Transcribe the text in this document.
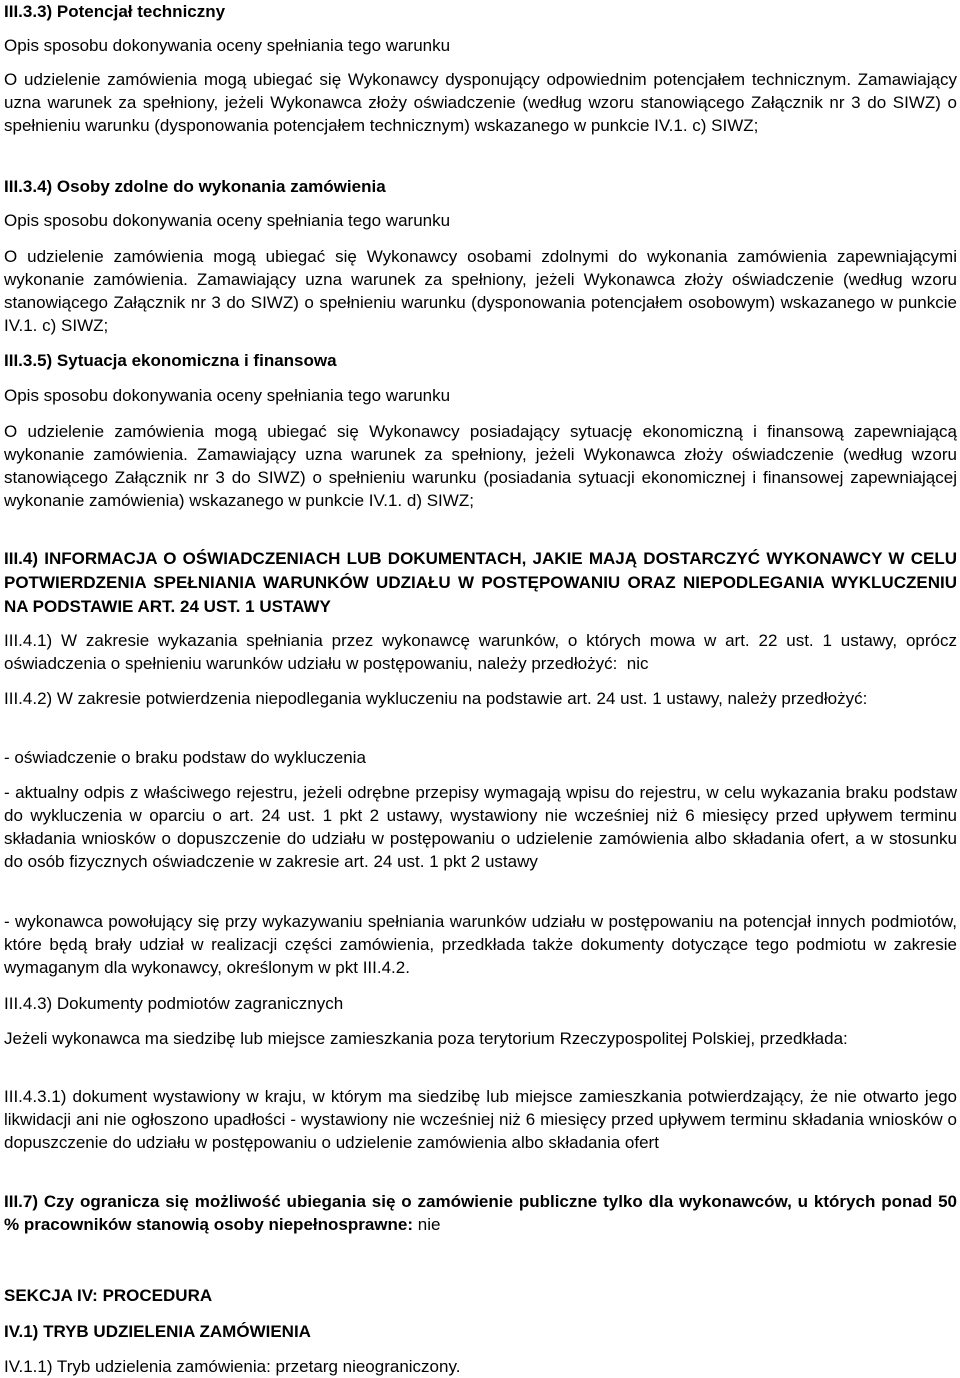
III.3.3) Potencjał techniczny

Opis sposobu dokonywania oceny spełniania tego warunku

O udzielenie zamówienia mogą ubiegać się Wykonawcy dysponujący odpowiednim potencjałem technicznym. Zamawiający uzna warunek za spełniony, jeżeli Wykonawca złoży oświadczenie (według wzoru stanowiącego Załącznik nr 3 do SIWZ) o spełnieniu warunku (dysponowania potencjałem technicznym) wskazanego w punkcie IV.1. c) SIWZ;

III.3.4) Osoby zdolne do wykonania zamówienia

Opis sposobu dokonywania oceny spełniania tego warunku

O udzielenie zamówienia mogą ubiegać się Wykonawcy osobami zdolnymi do wykonania zamówienia zapewniającymi wykonanie zamówienia. Zamawiający uzna warunek za spełniony, jeżeli Wykonawca złoży oświadczenie (według wzoru stanowiącego Załącznik nr 3 do SIWZ) o spełnieniu warunku (dysponowania potencjałem osobowym) wskazanego w punkcie IV.1. c) SIWZ;

III.3.5) Sytuacja ekonomiczna i finansowa

Opis sposobu dokonywania oceny spełniania tego warunku

O udzielenie zamówienia mogą ubiegać się Wykonawcy posiadający sytuację ekonomiczną i finansową zapewniającą wykonanie zamówienia. Zamawiający uzna warunek za spełniony, jeżeli Wykonawca złoży oświadczenie (według wzoru stanowiącego Załącznik nr 3 do SIWZ) o spełnieniu warunku (posiadania sytuacji ekonomicznej i finansowej zapewniającej wykonanie zamówienia) wskazanego w punkcie IV.1. d) SIWZ;

III.4) INFORMACJA O OŚWIADCZENIACH LUB DOKUMENTACH, JAKIE MAJĄ DOSTARCZYĆ WYKONAWCY W CELU POTWIERDZENIA SPEŁNIANIA WARUNKÓW UDZIAŁU W POSTĘPOWANIU ORAZ NIEPODLEGANIA WYKLUCZENIU NA PODSTAWIE ART. 24 UST. 1 USTAWY

III.4.1) W zakresie wykazania spełniania przez wykonawcę warunków, o których mowa w art. 22 ust. 1 ustawy, oprócz oświadczenia o spełnieniu warunków udziału w postępowaniu, należy przedłożyć: nic

III.4.2) W zakresie potwierdzenia niepodlegania wykluczeniu na podstawie art. 24 ust. 1 ustawy, należy przedłożyć:

- oświadczenie o braku podstaw do wykluczenia

- aktualny odpis z właściwego rejestru, jeżeli odrębne przepisy wymagają wpisu do rejestru, w celu wykazania braku podstaw do wykluczenia w oparciu o art. 24 ust. 1 pkt 2 ustawy, wystawiony nie wcześniej niż 6 miesięcy przed upływem terminu składania wniosków o dopuszczenie do udziału w postępowaniu o udzielenie zamówienia albo składania ofert, a w stosunku do osób fizycznych oświadczenie w zakresie art. 24 ust. 1 pkt 2 ustawy

- wykonawca powołujący się przy wykazywaniu spełniania warunków udziału w postępowaniu na potencjał innych podmiotów, które będą brały udział w realizacji części zamówienia, przedkłada także dokumenty dotyczące tego podmiotu w zakresie wymaganym dla wykonawcy, określonym w pkt III.4.2.

III.4.3) Dokumenty podmiotów zagranicznych

Jeżeli wykonawca ma siedzibę lub miejsce zamieszkania poza terytorium Rzeczypospolitej Polskiej, przedkłada:

III.4.3.1) dokument wystawiony w kraju, w którym ma siedzibę lub miejsce zamieszkania potwierdzający, że nie otwarto jego likwidacji ani nie ogłoszono upadłości - wystawiony nie wcześniej niż 6 miesięcy przed upływem terminu składania wniosków o dopuszczenie do udziału w postępowaniu o udzielenie zamówienia albo składania ofert

III.7) Czy ogranicza się możliwość ubiegania się o zamówienie publiczne tylko dla wykonawców, u których ponad 50 % pracowników stanowią osoby niepełnosprawne: nie

SEKCJA IV: PROCEDURA

IV.1) TRYB UDZIELENIA ZAMÓWIENIA

IV.1.1) Tryb udzielenia zamówienia: przetarg nieograniczony.
